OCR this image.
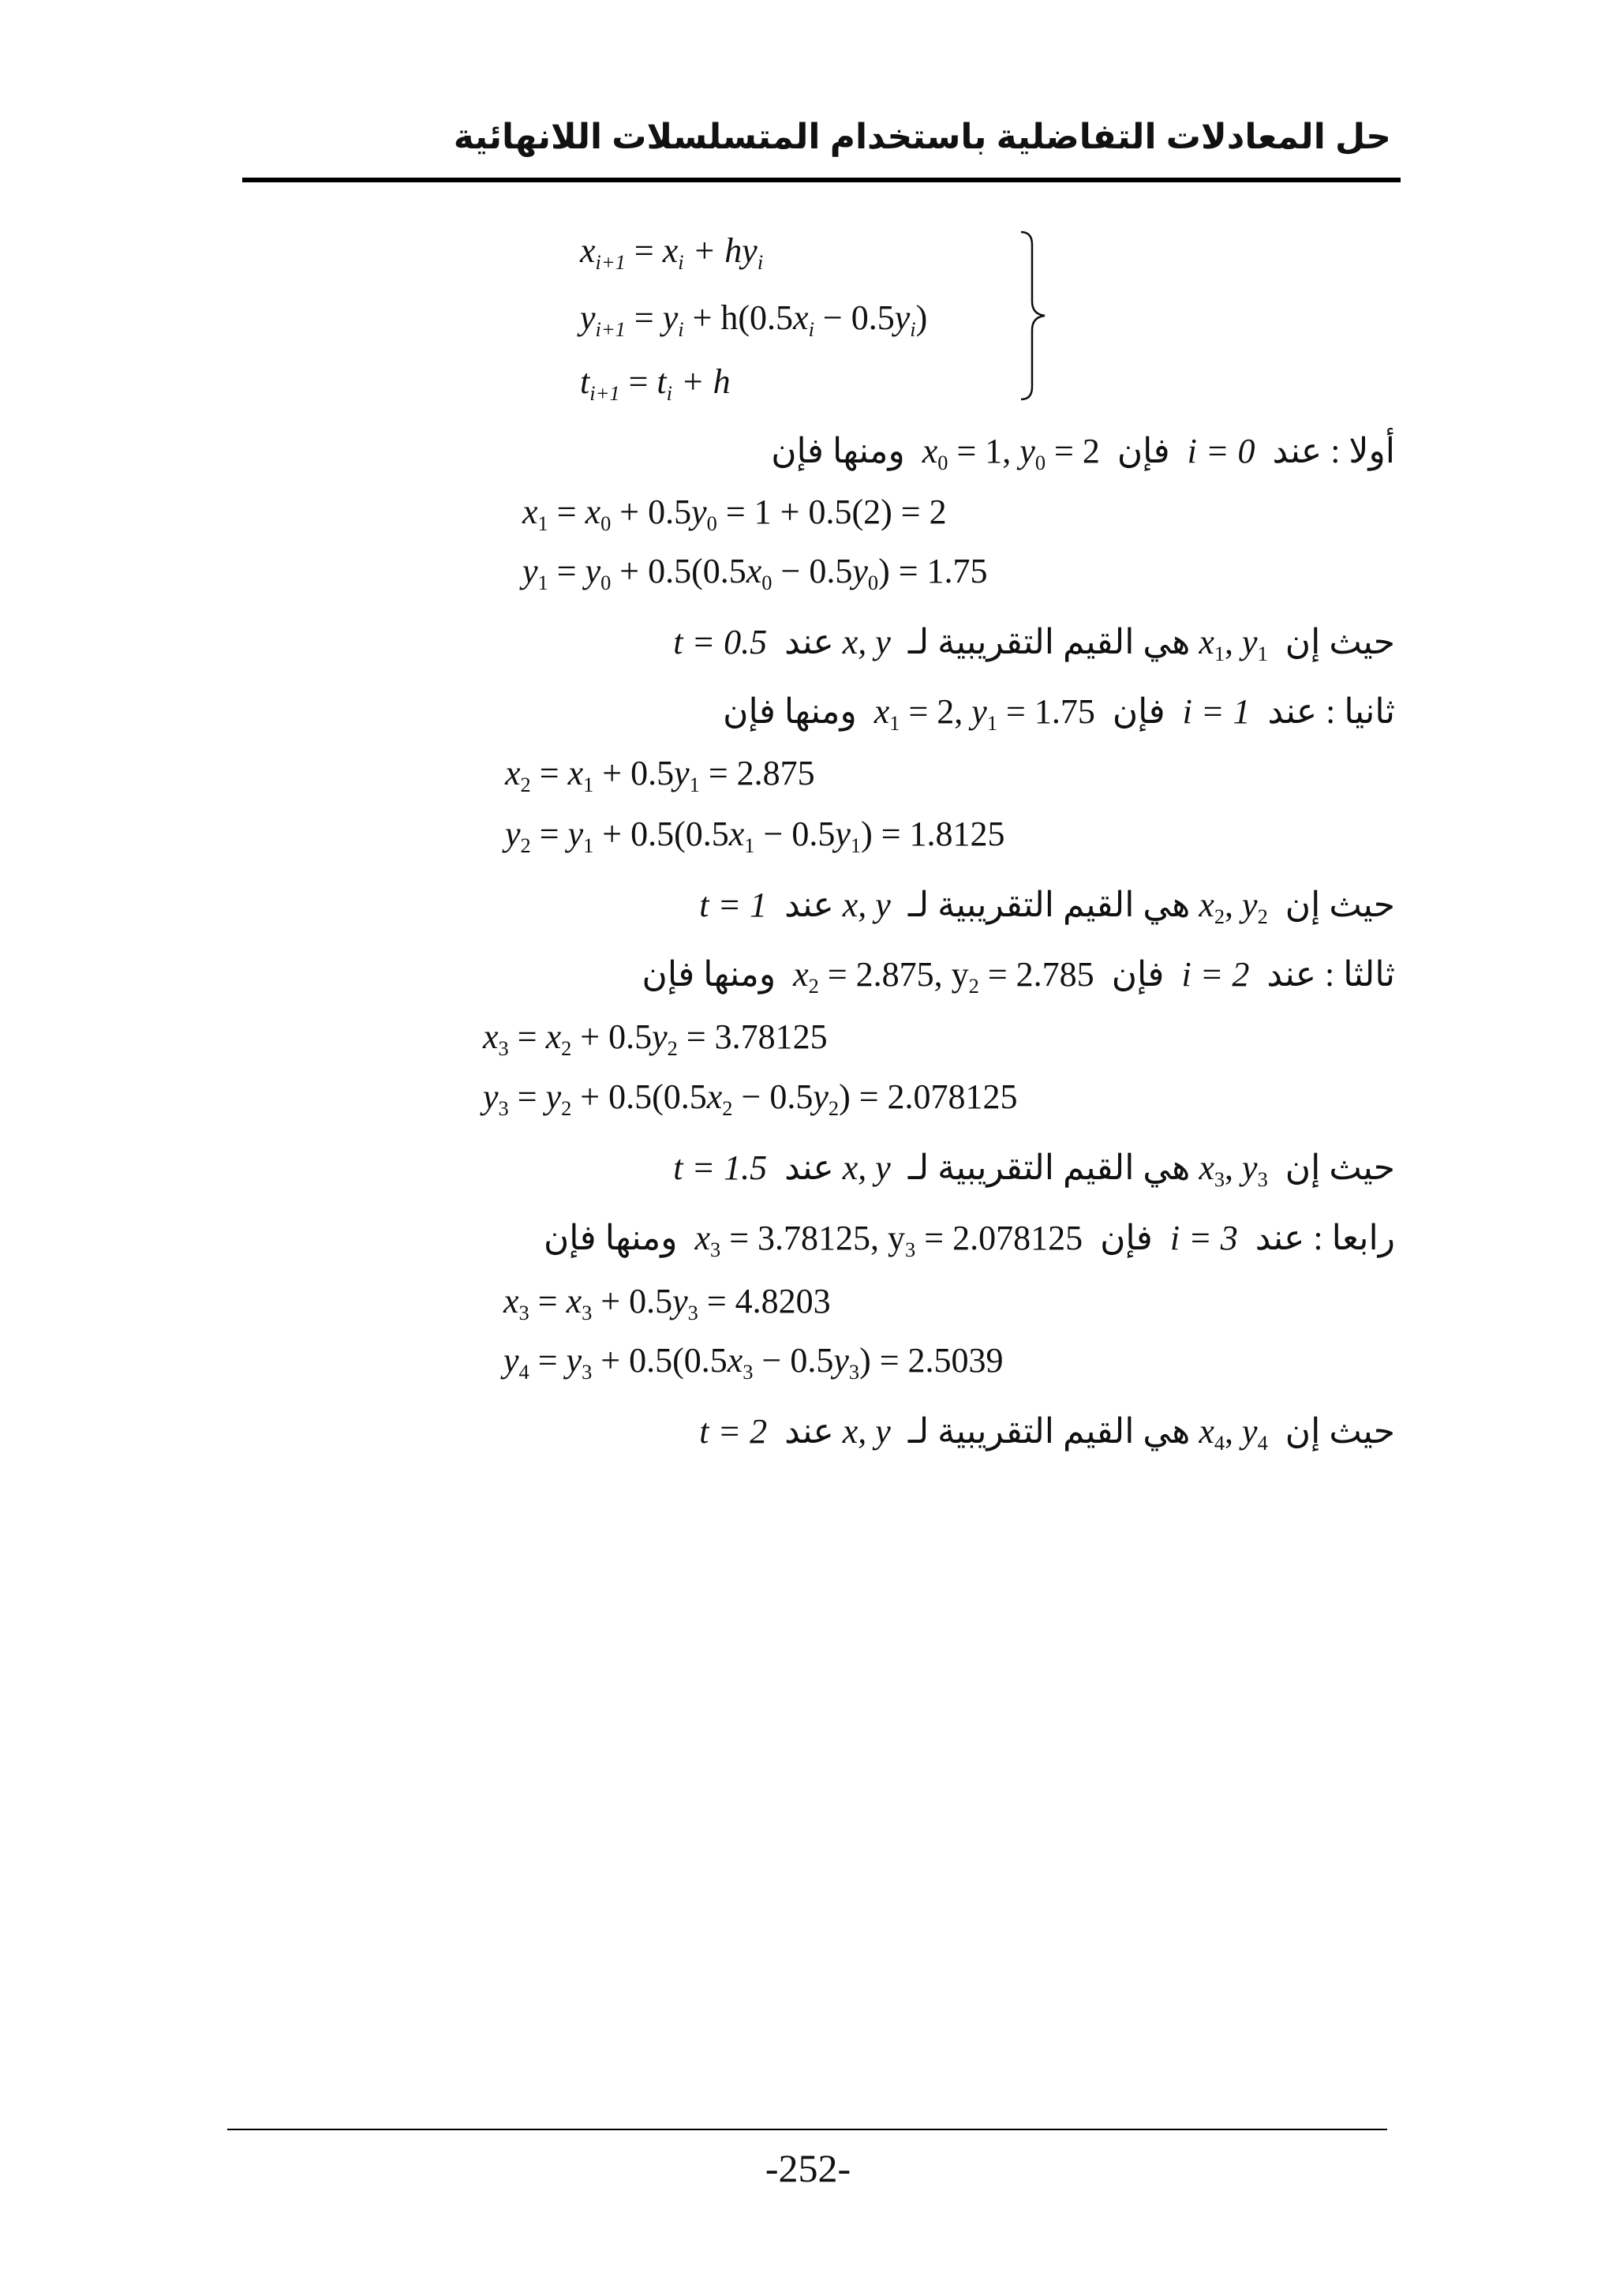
حل المعادلات التفاضلية باستخدام المتسلسلات اللانهائية
$x_{i+1} = x_i + hy_i$
$y_{i+1} = y_i + h(0.5x_i - 0.5y_i)$
$t_{i+1} = t_i + h$
أولا : عند  i = 0  فإن  $x_0 = 1$, $y_0 = 2$  ومنها فإن
$x_1 = x_0 + 0.5y_0 = 1 + 0.5(2) = 2$
$y_1 = y_0 + 0.5(0.5x_0 - 0.5y_0) = 1.75$
حيث إن  $x_1$, $y_1$ هي القيم التقريبية لـ  x, y عند  t = 0.5
ثانيا : عند  i = 1  فإن  $x_1 = 2$, $y_1 = 1.75$  ومنها فإن
$x_2 = x_1 + 0.5y_1 = 2.875$
$y_2 = y_1 + 0.5(0.5x_1 - 0.5y_1) = 1.8125$
حيث إن  $x_2$, $y_2$ هي القيم التقريبية لـ  x, y عند  t = 1
ثالثا : عند  i = 2  فإن  $x_2 = 2.875$, $y_2 = 2.785$  ومنها فإن
$x_3 = x_2 + 0.5y_2 = 3.78125$
$y_3 = y_2 + 0.5(0.5x_2 - 0.5y_2) = 2.078125$
حيث إن  $x_3$, $y_3$ هي القيم التقريبية لـ  x, y عند  t = 1.5
رابعا : عند  i = 3  فإن  $x_3 = 3.78125$, $y_3 = 2.078125$  ومنها فإن
$x_3 = x_3 + 0.5y_3 = 4.8203$
$y_4 = y_3 + 0.5(0.5x_3 - 0.5y_3) = 2.5039$
حيث إن  $x_4$, $y_4$ هي القيم التقريبية لـ  x, y عند  t = 2
-252-
